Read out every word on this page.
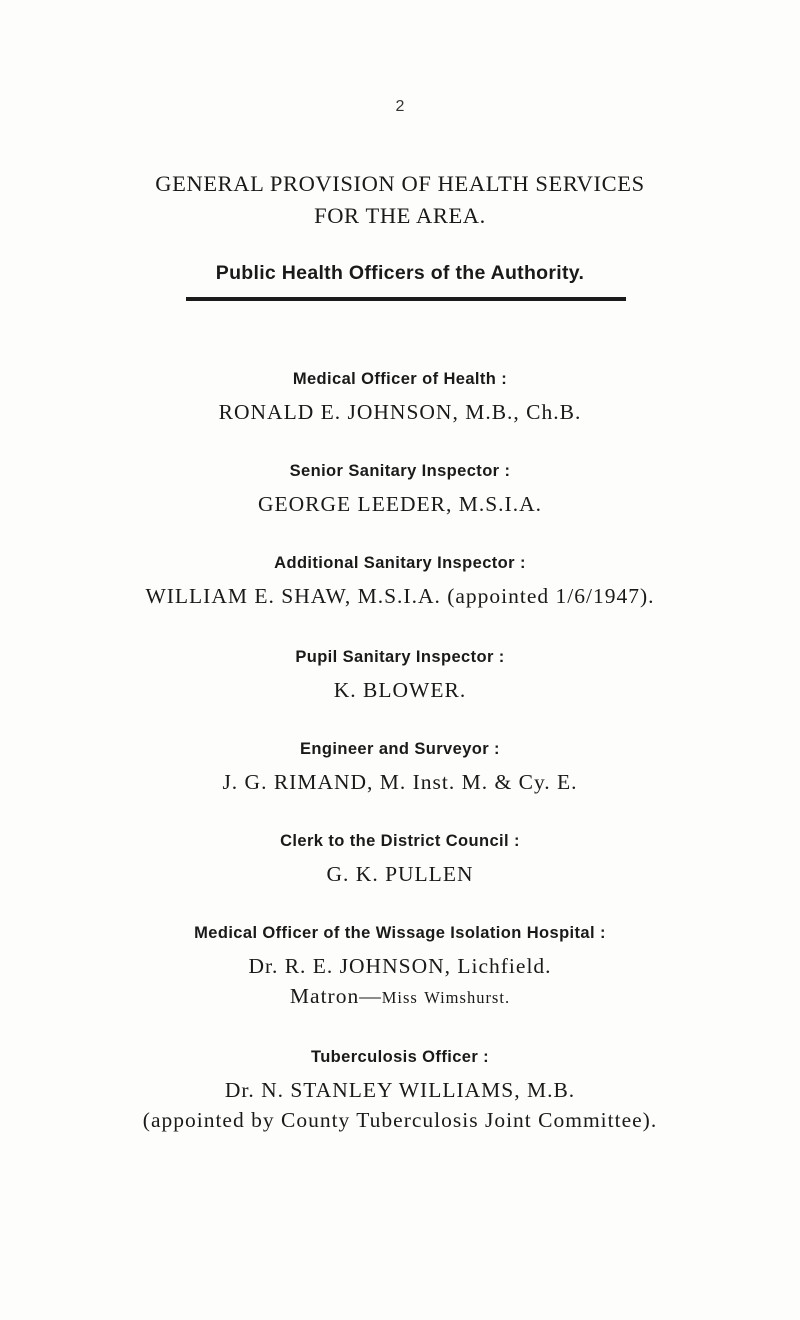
2
GENERAL PROVISION OF HEALTH SERVICES
FOR THE AREA.
Public Health Officers of the Authority.
Medical Officer of Health :
RONALD E. JOHNSON, M.B., Ch.B.
Senior Sanitary Inspector :
GEORGE LEEDER, M.S.I.A.
Additional Sanitary Inspector :
WILLIAM E. SHAW, M.S.I.A. (appointed 1/6/1947).
Pupil Sanitary Inspector :
K. BLOWER.
Engineer and Surveyor :
J. G. RIMAND, M. Inst. M. & Cy. E.
Clerk to the District Council :
G. K. PULLEN
Medical Officer of the Wissage Isolation Hospital :
Dr. R. E. JOHNSON, Lichfield.
Matron—Miss Wimshurst.
Tuberculosis Officer :
Dr. N. STANLEY WILLIAMS, M.B.
(appointed by County Tuberculosis Joint Committee).
